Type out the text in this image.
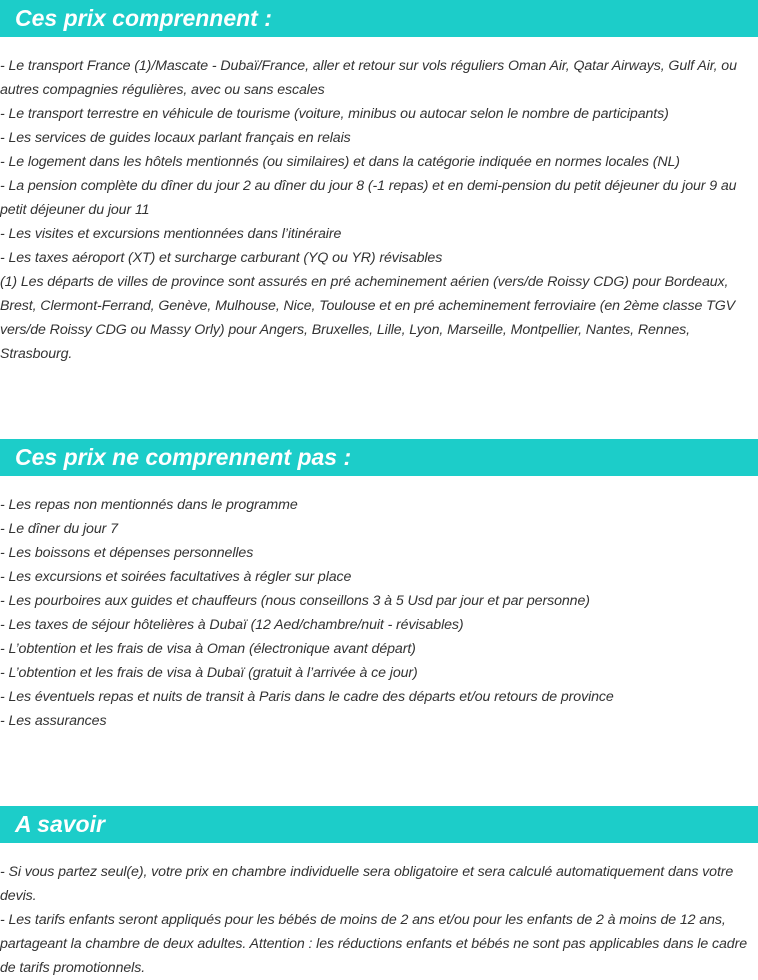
Ces prix comprennent :
- Le transport France (1)/Mascate - Dubaï/France, aller et retour sur vols réguliers Oman Air, Qatar Airways, Gulf Air, ou autres compagnies régulières, avec ou sans escales
- Le transport terrestre en véhicule de tourisme (voiture, minibus ou autocar selon le nombre de participants)
- Les services de guides locaux parlant français en relais
- Le logement dans les hôtels mentionnés (ou similaires) et dans la catégorie indiquée en normes locales (NL)
- La pension complète du dîner du jour 2 au dîner du jour 8 (-1 repas) et en demi-pension du petit déjeuner du jour 9 au petit déjeuner du jour 11
- Les visites et excursions mentionnées dans l’itinéraire
- Les taxes aéroport (XT) et surcharge carburant (YQ ou YR) révisables
(1) Les départs de villes de province sont assurés en pré acheminement aérien (vers/de Roissy CDG) pour Bordeaux, Brest, Clermont-Ferrand, Genève, Mulhouse, Nice, Toulouse et en pré acheminement ferroviaire (en 2ème classe TGV vers/de Roissy CDG ou Massy Orly) pour Angers, Bruxelles, Lille, Lyon, Marseille, Montpellier, Nantes, Rennes, Strasbourg.
Ces prix ne comprennent pas :
- Les repas non mentionnés dans le programme
- Le dîner du jour 7
- Les boissons et dépenses personnelles
- Les excursions et soirées facultatives à régler sur place
- Les pourboires aux guides et chauffeurs (nous conseillons 3 à 5 Usd par jour et par personne)
- Les taxes de séjour hôtelières à Dubaï (12 Aed/chambre/nuit - révisables)
- L’obtention et les frais de visa à Oman (électronique avant départ)
- L’obtention et les frais de visa à Dubaï (gratuit à l’arrivée à ce jour)
- Les éventuels repas et nuits de transit à Paris dans le cadre des départs et/ou retours de province
- Les assurances
A savoir
- Si vous partez seul(e), votre prix en chambre individuelle sera obligatoire et sera calculé automatiquement dans votre devis.
- Les tarifs enfants seront appliqués pour les bébés de moins de 2 ans et/ou pour les enfants de 2 à moins de 12 ans, partageant la chambre de deux adultes. Attention : les réductions enfants et bébés ne sont pas applicables dans le cadre de tarifs promotionnels.
